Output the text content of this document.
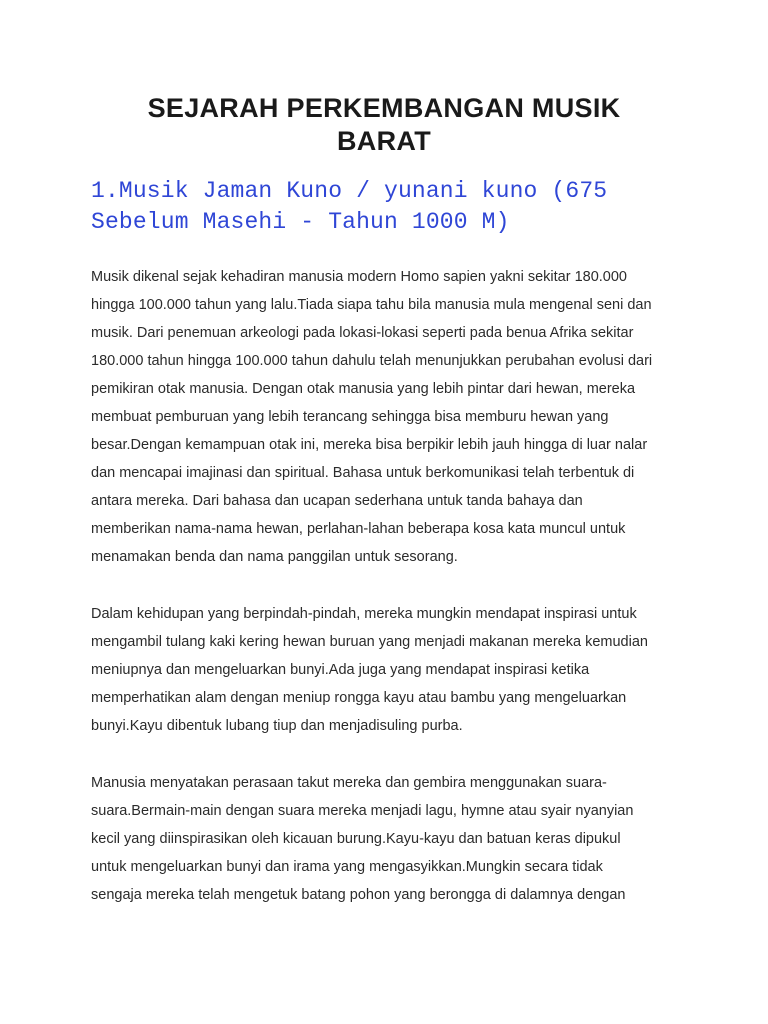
SEJARAH PERKEMBANGAN MUSIK
BARAT
1.Musik Jaman Kuno / yunani kuno (675
Sebelum Masehi - Tahun 1000 M)
Musik dikenal sejak kehadiran manusia modern Homo sapien yakni sekitar 180.000
hingga 100.000 tahun yang lalu.Tiada siapa tahu bila manusia mula mengenal seni dan
musik. Dari penemuan arkeologi pada lokasi-lokasi seperti pada benua Afrika sekitar
180.000 tahun hingga 100.000 tahun dahulu telah menunjukkan perubahan evolusi dari
pemikiran otak manusia. Dengan otak manusia yang lebih pintar dari hewan, mereka
membuat pemburuan yang lebih terancang sehingga bisa memburu hewan yang
besar.Dengan kemampuan otak ini, mereka bisa berpikir lebih jauh hingga di luar nalar
dan mencapai imajinasi dan spiritual. Bahasa untuk berkomunikasi telah terbentuk di
antara mereka. Dari bahasa dan ucapan sederhana untuk tanda bahaya dan
memberikan nama-nama hewan, perlahan-lahan beberapa kosa kata muncul untuk
menamakan benda dan nama panggilan untuk sesorang.
Dalam kehidupan yang berpindah-pindah, mereka mungkin mendapat inspirasi untuk
mengambil tulang kaki kering hewan buruan yang menjadi makanan mereka kemudian
meniupnya dan mengeluarkan bunyi.Ada juga yang mendapat inspirasi ketika
memperhatikan alam dengan meniup rongga kayu atau bambu yang mengeluarkan
bunyi.Kayu dibentuk lubang tiup dan menjadisuling purba.
Manusia menyatakan perasaan takut mereka dan gembira menggunakan suara-
suara.Bermain-main dengan suara mereka menjadi lagu, hymne atau syair nyanyian
kecil yang diinspirasikan oleh kicauan burung.Kayu-kayu dan batuan keras dipukul
untuk mengeluarkan bunyi dan irama yang mengasyikkan.Mungkin secara tidak
sengaja mereka telah mengetuk batang pohon yang berongga di dalamnya dengan
